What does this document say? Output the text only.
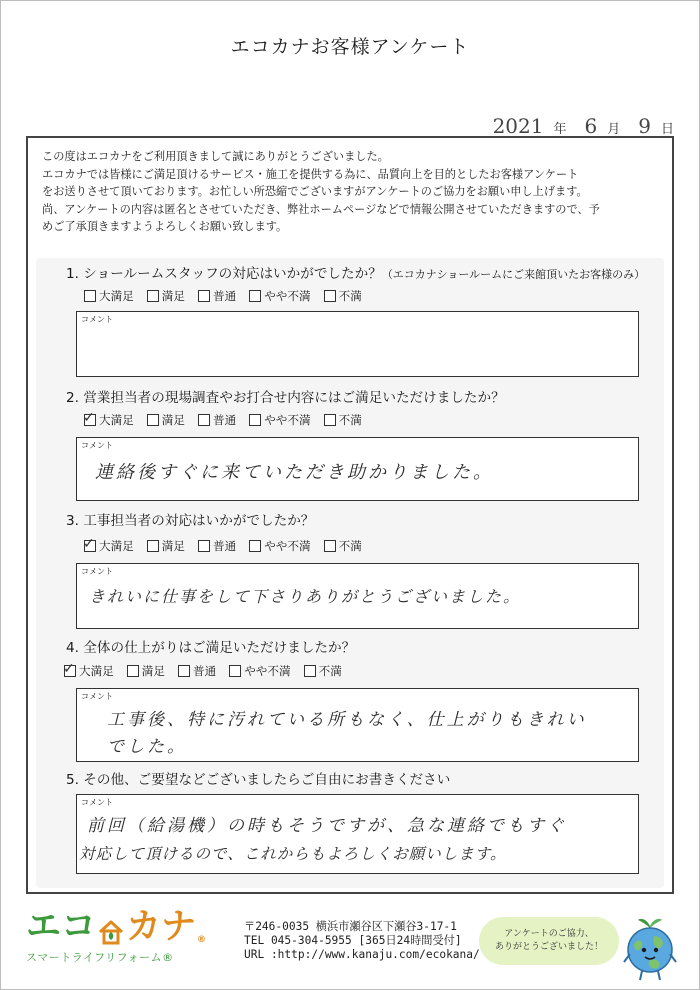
エコカナお客様アンケート
2021 年 6 月 9 日
この度はエコカナをご利用頂きまして誠にありがとうございました。
エコカナでは皆様にご満足頂けるサービス・施工を提供する為に、品質向上を目的としたお客様アンケート
をお送りさせて頂いております。お忙しい所恐縮でございますがアンケートのご協力をお願い申し上げます。
尚、アンケートの内容は匿名とさせていただき、弊社ホームページなどで情報公開させていただきますので、予
めご了承頂きますようよろしくお願い致します。
1. ショールームスタッフの対応はいかがでしたか？（エコカナショールームにご来館頂いたお客様のみ）
大満足 満足 普通 やや不満 不満
コメント
2. 営業担当者の現場調査やお打合せ内容にはご満足いただけましたか？
✓ 大満足 満足 普通 やや不満 不満
コメント
連絡後すぐに来ていただき助かりました。
3. 工事担当者の対応はいかがでしたか？
✓ 大満足 満足 普通 やや不満 不満
コメント
きれいに仕事をして下さりありがとうございました。
4. 全体の仕上がりはご満足いただけましたか？
✓ 大満足 満足 普通 やや不満 不満
コメント
工事後、特に汚れている所もなく、仕上がりもきれい
でした。
5. その他、ご要望などございましたらご自由にお書きください
コメント
前回（給湯機）の時もそうですが、急な連絡でもすぐ
対応して頂けるので、これからもよろしくお願いします。
エコ カナ ®
スマートライフリフォーム®
〒246-0035 横浜市瀬谷区下瀬谷3-17-1
TEL 045-304-5955 [365日24時間受付]
URL :http://www.kanaju.com/ecokana/
アンケートのご協力、
ありがとうございました！
